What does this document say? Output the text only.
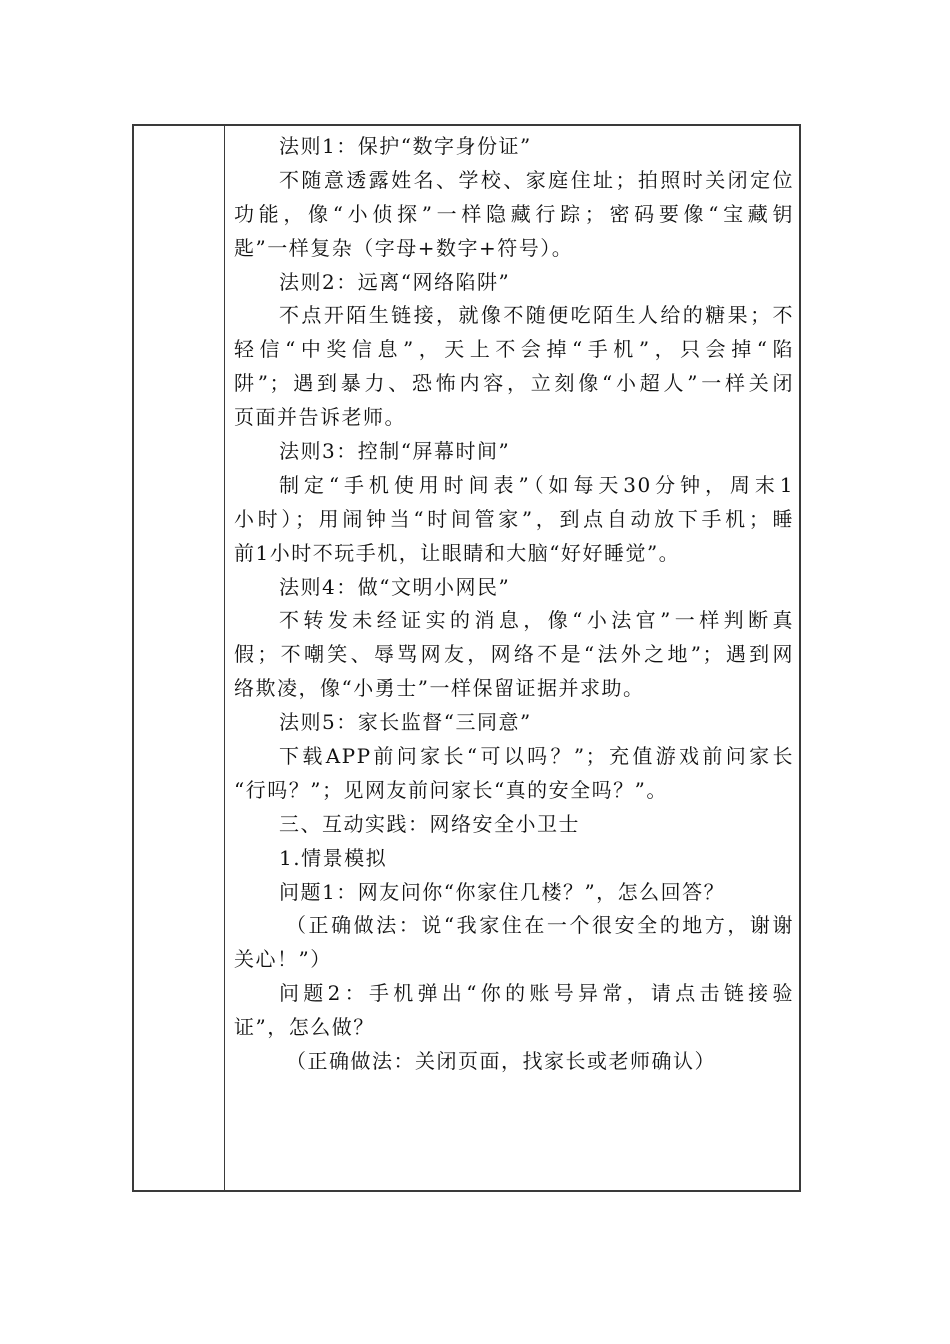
法则1：保护“数字身份证”
不随意透露姓名、学校、家庭住址；拍照时关闭定位
功能，像“小侦探”一样隐藏行踪；密码要像“宝藏钥
匙”一样复杂（字母+数字+符号）。
法则2：远离“网络陷阱”
不点开陌生链接，就像不随便吃陌生人给的糖果；不
轻信“中奖信息”，天上不会掉“手机”，只会掉“陷
阱”；遇到暴力、恐怖内容，立刻像“小超人”一样关闭
页面并告诉老师。
法则3：控制“屏幕时间”
制定“手机使用时间表”（如每天30分钟，周末1
小时）；用闹钟当“时间管家”，到点自动放下手机；睡
前1小时不玩手机，让眼睛和大脑“好好睡觉”。
法则4：做“文明小网民”
不转发未经证实的消息，像“小法官”一样判断真
假；不嘲笑、辱骂网友，网络不是“法外之地”；遇到网
络欺凌，像“小勇士”一样保留证据并求助。
法则5：家长监督“三同意”
下载APP前问家长“可以吗？”；充值游戏前问家长
“行吗？”；见网友前问家长“真的安全吗？”。
三、互动实践：网络安全小卫士
1.情景模拟
问题1：网友问你“你家住几楼？”，怎么回答？
（正确做法：说“我家住在一个很安全的地方，谢谢
关心！”）
问题2：手机弹出“你的账号异常，请点击链接验
证”，怎么做？
（正确做法：关闭页面，找家长或老师确认）
